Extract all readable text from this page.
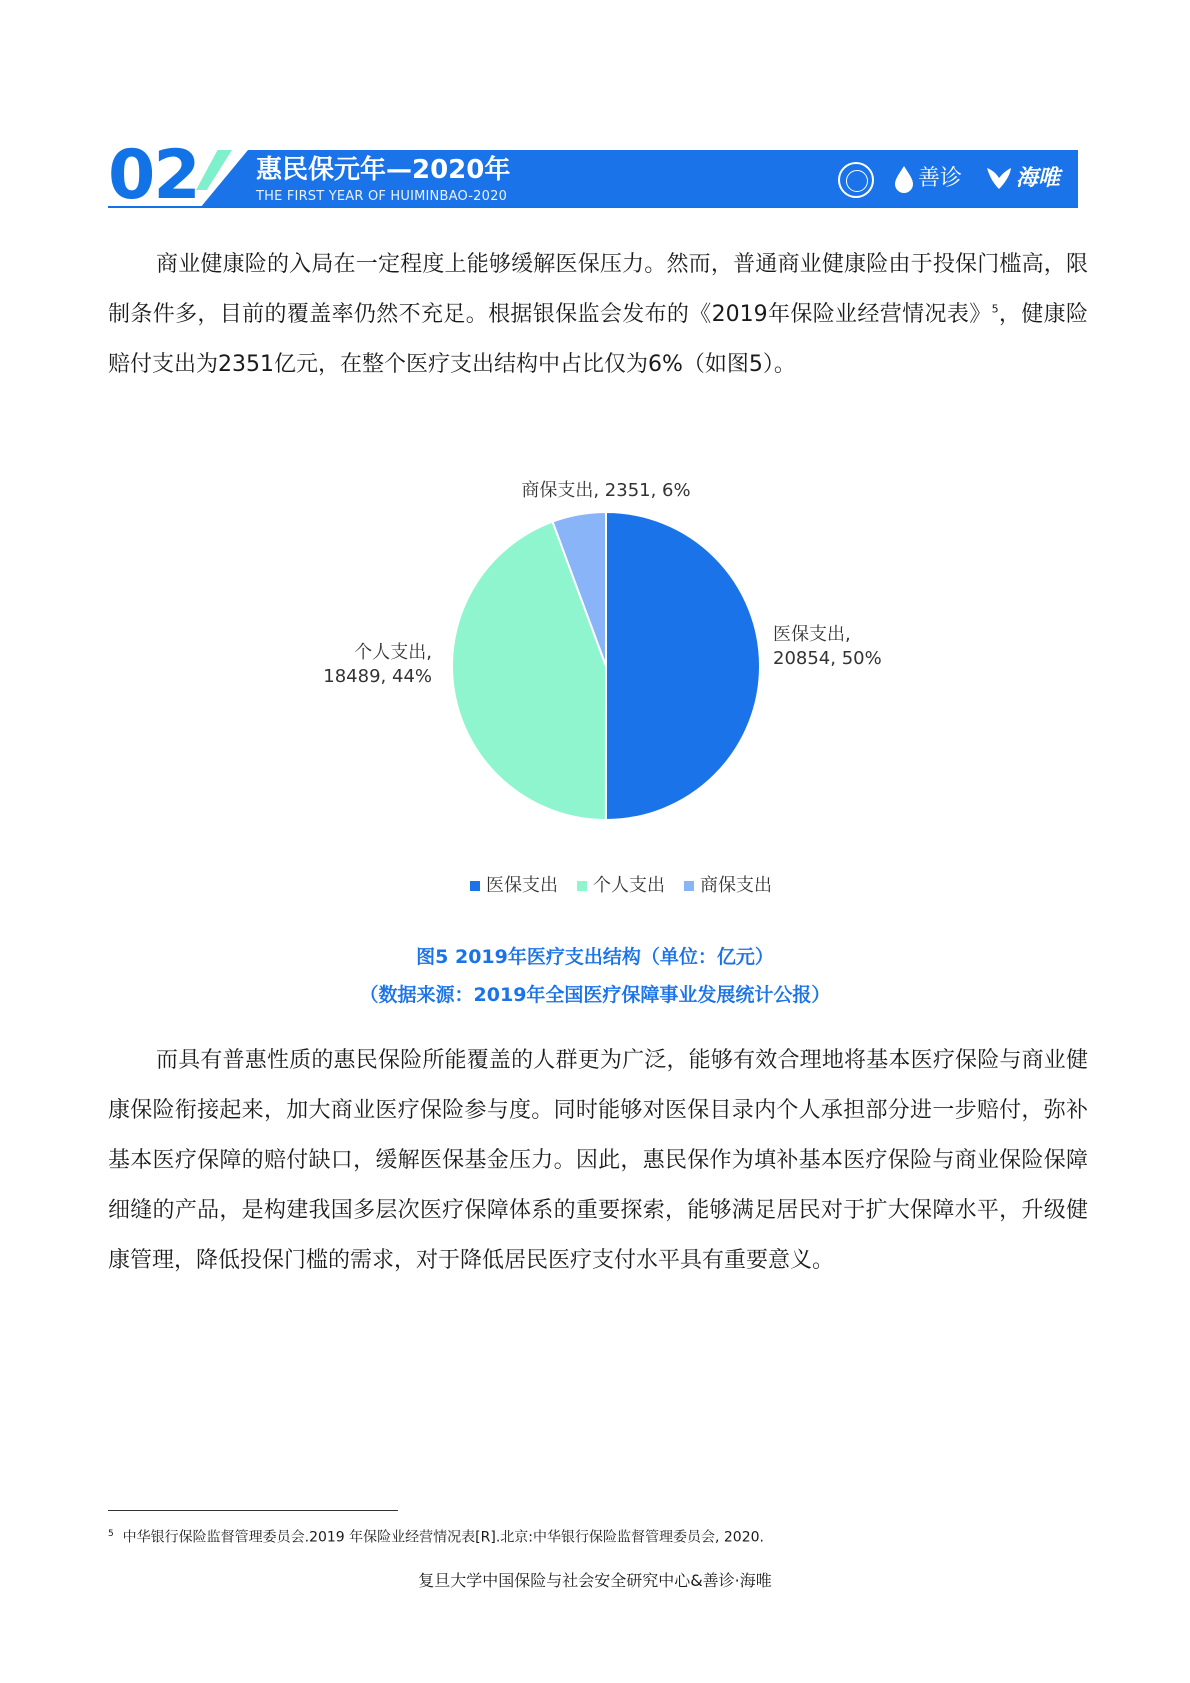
02 惠民保元年—2020年
THE FIRST YEAR OF HUIMINBAO-2020
善诊 海唯

商业健康险的入局在一定程度上能够缓解医保压力。然而，普通商业健康险由于投保门槛高，限制条件多，目前的覆盖率仍然不充足。根据银保监会发布的《2019年保险业经营情况表》$^5$，健康险赔付支出为2351亿元，在整个医疗支出结构中占比仅为6%（如图5）。

医保支出,
20854, 50%
个人支出,
18489, 44%
商保支出, 2351, 6%
医保支出 个人支出 商保支出
图5 2019年医疗支出结构（单位：亿元）
（数据来源：2019年全国医疗保障事业发展统计公报）

而具有普惠性质的惠民保险所能覆盖的人群更为广泛，能够有效合理地将基本医疗保险与商业健康保险衔接起来，加大商业医疗保险参与度。同时能够对医保目录内个人承担部分进一步赔付，弥补基本医疗保障的赔付缺口，缓解医保基金压力。因此，惠民保作为填补基本医疗保险与商业保险保障细缝的产品，是构建我国多层次医疗保障体系的重要探索，能够满足居民对于扩大保障水平，升级健康管理，降低投保门槛的需求，对于降低居民医疗支付水平具有重要意义。

$^5$ 中华银行保险监督管理委员会.2019 年保险业经营情况表[R].北京:中华银行保险监督管理委员会, 2020.
复旦大学中国保险与社会安全研究中心&善诊·海唯
